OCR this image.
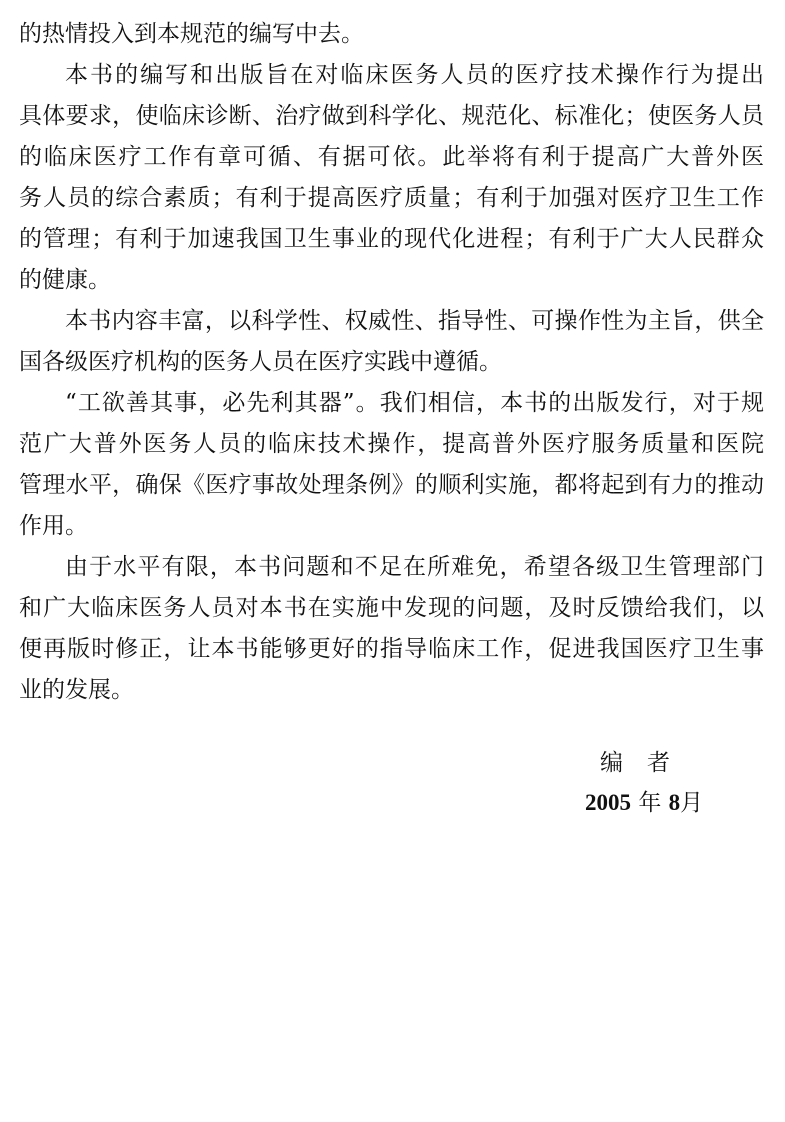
的热情投入到本规范的编写中去。
本书的编写和出版旨在对临床医务人员的医疗技术操作行为提出
具体要求，使临床诊断、治疗做到科学化、规范化、标准化；使医务人员
的临床医疗工作有章可循、有据可依。此举将有利于提高广大普外医
务人员的综合素质；有利于提高医疗质量；有利于加强对医疗卫生工作
的管理；有利于加速我国卫生事业的现代化进程；有利于广大人民群众
的健康。
本书内容丰富，以科学性、权威性、指导性、可操作性为主旨，供全
国各级医疗机构的医务人员在医疗实践中遵循。
“工欲善其事，必先利其器”。我们相信，本书的出版发行，对于规
范广大普外医务人员的临床技术操作，提高普外医疗服务质量和医院
管理水平，确保《医疗事故处理条例》的顺利实施，都将起到有力的推动
作用。
由于水平有限，本书问题和不足在所难免，希望各级卫生管理部门
和广大临床医务人员对本书在实施中发现的问题，及时反馈给我们，以
便再版时修正，让本书能够更好的指导临床工作，促进我国医疗卫生事
业的发展。
编者
2005 年 8月
